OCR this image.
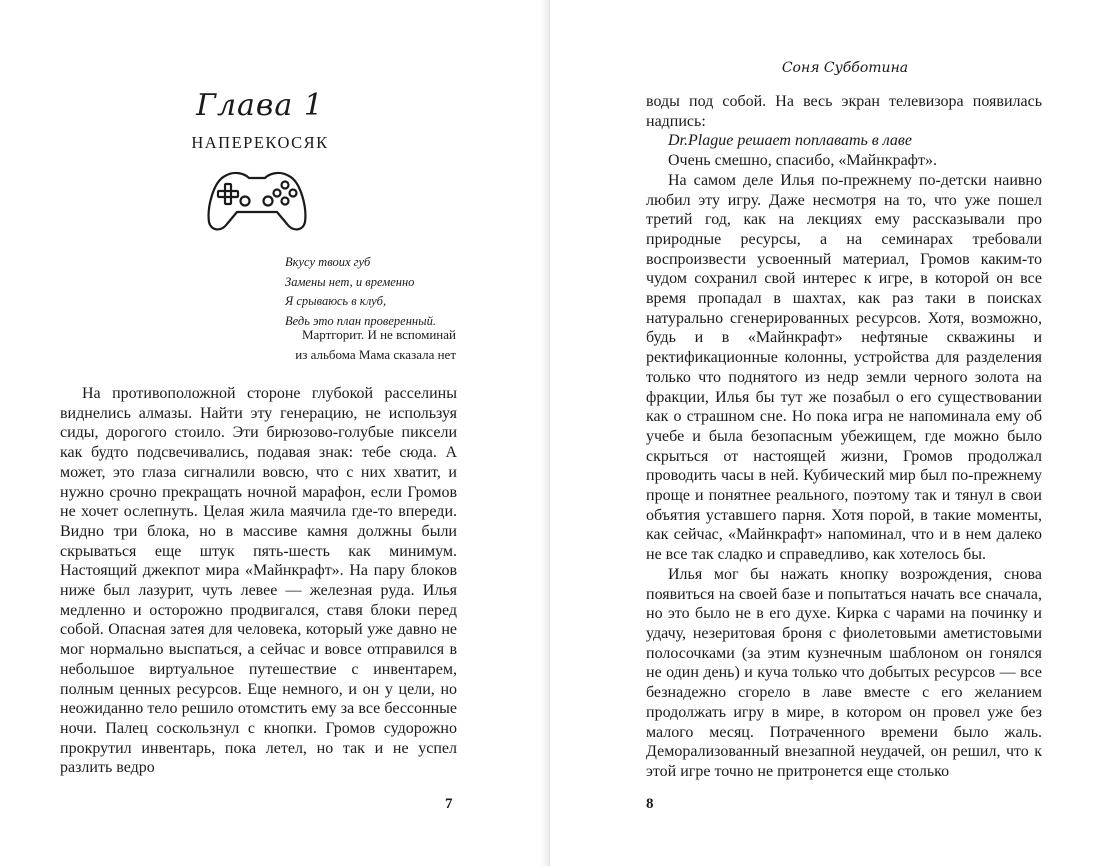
Глава 1
НАПЕРЕКОСЯК
Вкусу твоих губ
Замены нет, и временно
Я срываюсь в клуб,
Ведь это план проверенный.
Мартгорит. И не вспоминай
из альбома Мама сказала нет

На противоположной стороне глубокой расселины виднелись алмазы. Найти эту генерацию, не используя сиды, дорогого стоило. Эти бирюзово-голубые пиксели как будто подсвечивались, подавая знак: тебе сюда. А может, это глаза сигналили вовсю, что с них хватит, и нужно срочно прекращать ночной марафон, если Громов не хочет ослепнуть. Целая жила маячила где-то впереди. Видно три блока, но в массиве камня должны были скрываться еще штук пять-шесть как минимум. Настоящий джекпот мира «Майнкрафт». На пару блоков ниже был лазурит, чуть левее — железная руда. Илья медленно и осторожно продвигался, ставя блоки перед собой. Опасная затея для человека, который уже давно не мог нормально выспаться, а сейчас и вовсе отправился в небольшое виртуальное путешествие с инвентарем, полным ценных ресурсов. Еще немного, и он у цели, но неожиданно тело решило отомстить ему за все бессонные ночи. Палец соскользнул с кнопки. Громов судорожно прокрутил инвентарь, пока летел, но так и не успел разлить ведро

7
Соня Субботина

воды под собой. На весь экран телевизора появилась надпись:

Dr.Plague решает поплавать в лаве

Очень смешно, спасибо, «Майнкрафт».

На самом деле Илья по-прежнему по-детски наивно любил эту игру. Даже несмотря на то, что уже пошел третий год, как на лекциях ему рассказывали про природные ресурсы, а на семинарах требовали воспроизвести усвоенный материал, Громов каким-то чудом сохранил свой интерес к игре, в которой он все время пропадал в шахтах, как раз таки в поисках натурально сгенерированных ресурсов. Хотя, возможно, будь и в «Майнкрафт» нефтяные скважины и ректификационные колонны, устройства для разделения только что поднятого из недр земли черного золота на фракции, Илья бы тут же позабыл о его существовании как о страшном сне. Но пока игра не напоминала ему об учебе и была безопасным убежищем, где можно было скрыться от настоящей жизни, Громов продолжал проводить часы в ней. Кубический мир был по-прежнему проще и понятнее реального, поэтому так и тянул в свои объятия уставшего парня. Хотя порой, в такие моменты, как сейчас, «Майнкрафт» напоминал, что и в нем далеко не все так сладко и справедливо, как хотелось бы.

Илья мог бы нажать кнопку возрождения, снова появиться на своей базе и попытаться начать все сначала, но это было не в его духе. Кирка с чарами на починку и удачу, незеритовая броня с фиолетовыми аметистовыми полосочками (за этим кузнечным шаблоном он гонялся не один день) и куча только что добытых ресурсов — все безнадежно сгорело в лаве вместе с его желанием продолжать игру в мире, в котором он провел уже без малого месяц. Потраченного времени было жаль. Деморализованный внезапной неудачей, он решил, что к этой игре точно не притронется еще столько

8
